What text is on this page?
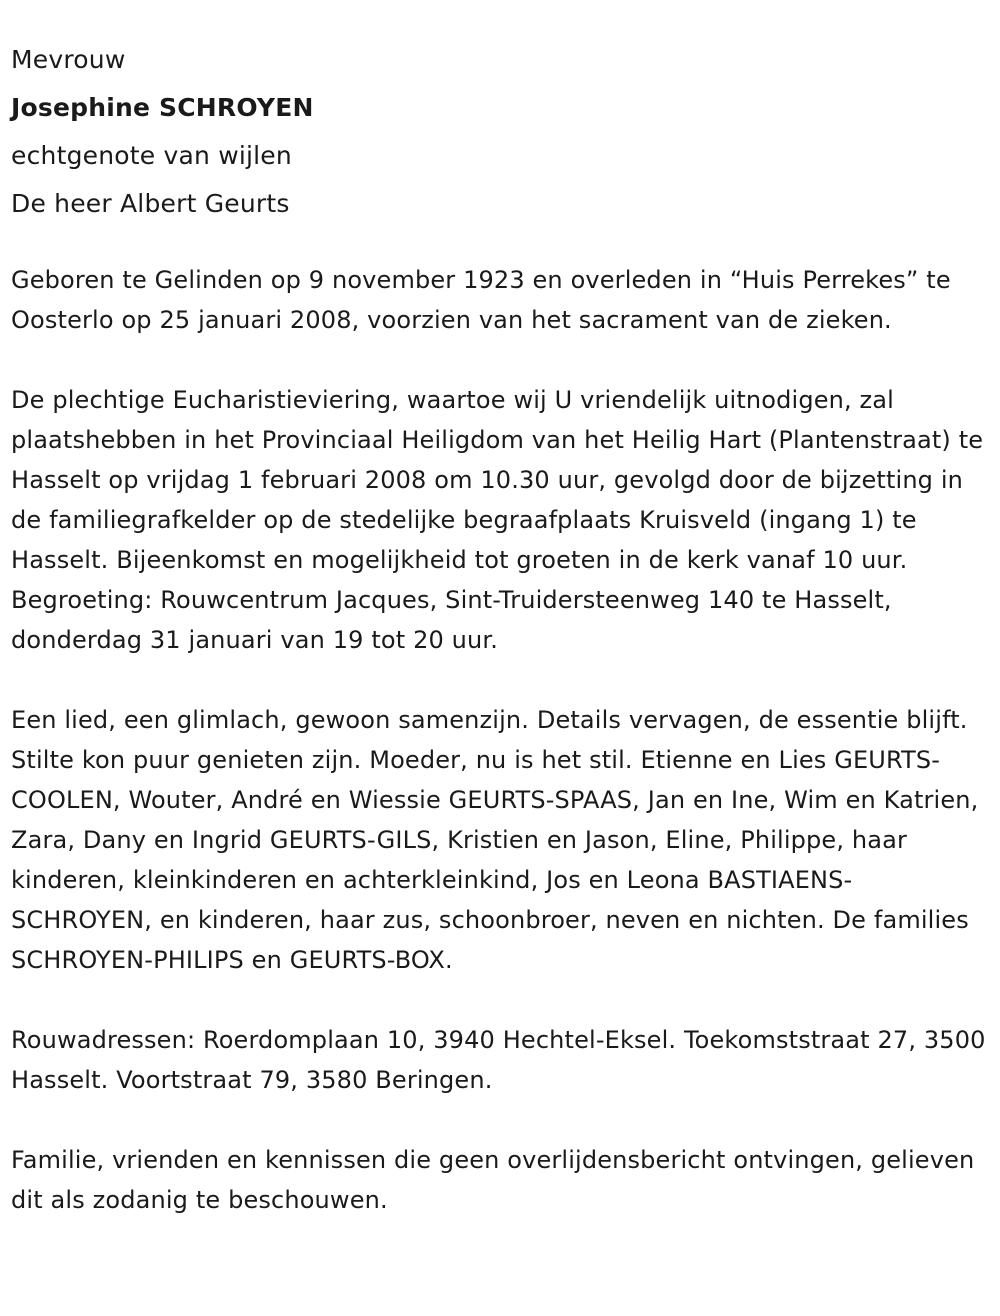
Mevrouw
Josephine SCHROYEN
echtgenote van wijlen
De heer Albert Geurts

Geboren te Gelinden op 9 november 1923 en overleden in “Huis Perrekes” te Oosterlo op 25 januari 2008, voorzien van het sacrament van de zieken.

De plechtige Eucharistieviering, waartoe wij U vriendelijk uitnodigen, zal plaatshebben in het Provinciaal Heiligdom van het Heilig Hart (Plantenstraat) te Hasselt op vrijdag 1 februari 2008 om 10.30 uur, gevolgd door de bijzetting in de familiegrafkelder op de stedelijke begraafplaats Kruisveld (ingang 1) te Hasselt. Bijeenkomst en mogelijkheid tot groeten in de kerk vanaf 10 uur. Begroeting: Rouwcentrum Jacques, Sint-Truidersteenweg 140 te Hasselt, donderdag 31 januari van 19 tot 20 uur.

Een lied, een glimlach, gewoon samenzijn. Details vervagen, de essentie blijft. Stilte kon puur genieten zijn. Moeder, nu is het stil. Etienne en Lies GEURTS-COOLEN, Wouter, André en Wiessie GEURTS-SPAAS, Jan en Ine, Wim en Katrien, Zara, Dany en Ingrid GEURTS-GILS, Kristien en Jason, Eline, Philippe, haar kinderen, kleinkinderen en achterkleinkind, Jos en Leona BASTIAENS-SCHROYEN, en kinderen, haar zus, schoonbroer, neven en nichten. De families SCHROYEN-PHILIPS en GEURTS-BOX.

Rouwadressen: Roerdomplaan 10, 3940 Hechtel-Eksel. Toekomststraat 27, 3500 Hasselt. Voortstraat 79, 3580 Beringen.

Familie, vrienden en kennissen die geen overlijdensbericht ontvingen, gelieven dit als zodanig te beschouwen.
